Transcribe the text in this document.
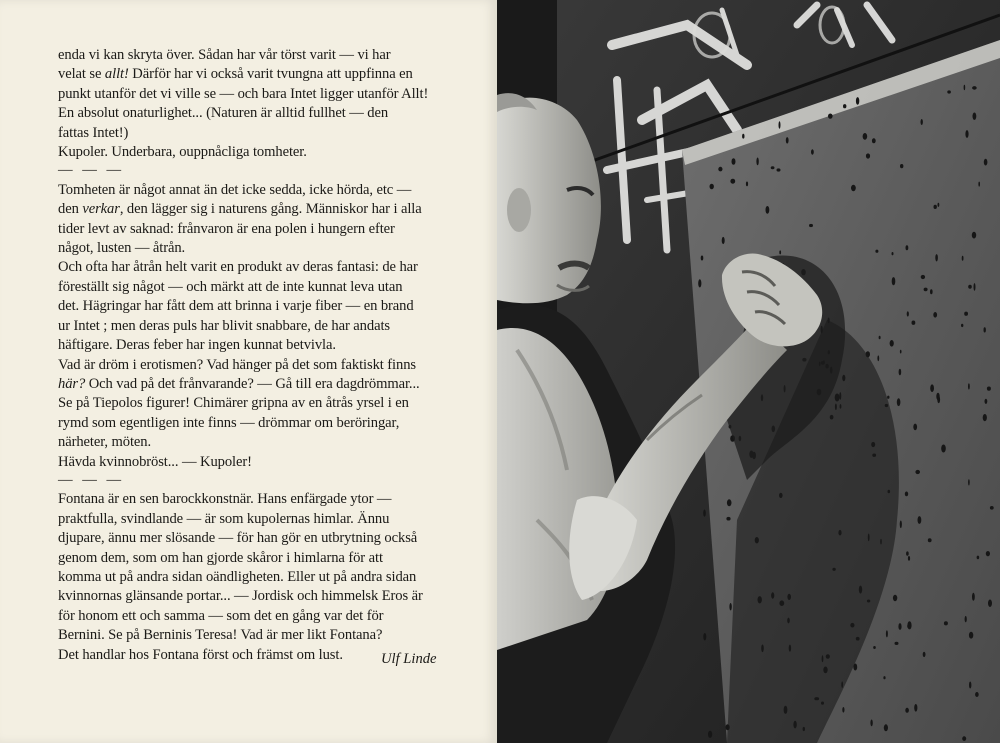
enda vi kan skryta över. Sådan har vår törst varit — vi har
velat se allt! Därför har vi också varit tvungna att uppfinna en
punkt utanför det vi ville se — och bara Intet ligger utanför Allt!
En absolut onaturlighet... (Naturen är alltid fullhet — den
fattas Intet!)
Kupoler. Underbara, ouppnåcliga tomheter.
— — —
Tomheten är något annat än det icke sedda, icke hörda, etc —
den verkar, den lägger sig i naturens gång. Människor har i alla
tider levt av saknad: frånvaron är ena polen i hungern efter
något, lusten — åtrån.
Och ofta har åtrån helt varit en produkt av deras fantasi: de har
föreställt sig något — och märkt att de inte kunnat leva utan
det. Hägringar har fått dem att brinna i varje fiber — en brand
ur Intet ; men deras puls har blivit snabbare, de har andats
häftigare. Deras feber har ingen kunnat betvivla.
Vad är dröm i erotismen? Vad hänger på det som faktiskt finns
här? Och vad på det frånvarande? — Gå till era dagdrömmar...
Se på Tiepolos figurer! Chimärer gripna av en åtrås yrsel i en
rymd som egentligen inte finns — drömmar om beröringar,
närheter, möten.
Hävda kvinnobröst... — Kupoler!
— — —
Fontana är en sen barockkonstnär. Hans enfärgade ytor —
praktfulla, svindlande — är som kupolernas himlar. Ännu
djupare, ännu mer slösande — för han gör en utbrytning också
genom dem, som om han gjorde skåror i himlarna för att
komma ut på andra sidan oändligheten. Eller ut på andra sidan
kvinnornas glänsande portar... — Jordisk och himmelsk Eros är
för honom ett och samma — som det en gång var det för
Bernini. Se på Berninis Teresa! Vad är mer likt Fontana?
Det handlar hos Fontana först och främst om lust.	Ulf Linde
